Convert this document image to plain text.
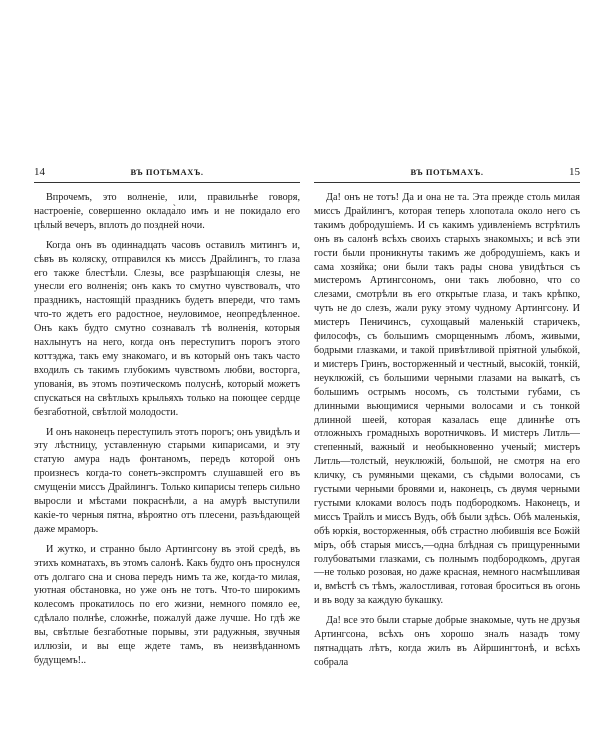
14	ВЪ ПОТЬМАХЪ.

Впрочемъ, это волненіе, или, правильнѣе говоря, настроеніе, совершенно оклада̀ло имъ и не покидало его цѣлый вечеръ, вплоть до поздней ночи.

Когда онъ въ одиннадцать часовъ оставилъ митингъ и, сѣвъ въ коляску, отправился къ миссъ Драйлингъ, то глаза его также блестѣли. Слезы, все разрѣшающія слезы, не унесли его волненія; онъ какъ то смутно чувствовалъ, что праздникъ, настоящій праздникъ будетъ впереди, что тамъ что-то ждетъ его радостное, неуловимое, неопредѣленное. Онъ какъ будто смутно сознавалъ тѣ волненія, которыя нахлынутъ на него, когда онъ переступитъ порогъ этого коттэджа, такъ ему знакомаго, и въ который онъ такъ часто входилъ съ такимъ глубокимъ чувствомъ любви, восторга, упованія, въ этомъ поэтическомъ полуснѣ, который можетъ спускаться на свѣтлыхъ крыльяхъ только на поющее сердце безгаботной, свѣтлой молодости.

И онъ наконецъ переступилъ этотъ порогъ; онъ увидѣлъ и эту лѣстницу, уставленную старыми кипарисами, и эту статую амура надъ фонтаномъ, передъ которой онъ произнесъ когда-то сонетъ-экспромтъ слушавшей его въ смущеніи миссъ Драйлингъ. Только кипарисы теперь сильно выросли и мѣстами покраснѣли, а на амурѣ выступили какіе-то черныя пятна, вѣроятно отъ плесени, разъѣдающей даже мраморъ.

И жутко, и странно было Артингсону въ этой средѣ, въ этихъ комнатахъ, въ этомъ салонѣ. Какъ будто онъ проснулся отъ долгаго сна и снова передъ нимъ та же, когда-то милая, уютная обстановка, но уже онъ не тотъ. Что-то широкимъ колесомъ прокатилось по его жизни, немного помяло ее, сдѣлало полнѣе, сложнѣе, пожалуй даже лучше. Но гдѣ же вы, свѣтлые безгаботные порывы, эти радужныя, звучныя иллюзіи, и вы еще ждете тамъ, въ неизвѣданномъ будущемъ!..

ВЪ ПОТЬМАХЪ.	15

Да! онъ не тотъ! Да и она не та. Эта прежде столь милая миссъ Драйлингъ, которая теперь хлопотала около него съ такимъ добродушіемъ. И съ какимъ удивленіемъ встрѣтилъ онъ въ салонѣ всѣхъ своихъ старыхъ знакомыхъ; и всѣ эти гости были проникнуты такимъ же добродушіемъ, какъ и сама хозяйка; они были такъ рады снова увидѣться съ мистеромъ Артингсономъ, они такъ любовно, что со слезами, смотрѣли въ его открытые глаза, и такъ крѣпко, чуть не до слезъ, жали руку этому чудному Артингсону. И мистеръ Пеничинсъ, сухощавый маленькій старичекъ, философъ, съ большимъ сморщеннымъ лбомъ, живыми, бодрыми глазками, и такой привѣтливой пріятной улыбкой, и мистеръ Гринъ, восторженный и честный, высокій, тонкій, неуклюжій, съ большими черными глазами на выкатѣ, съ большимъ острымъ носомъ, съ толстыми губами, съ длинными вьющимися черными волосами и съ тонкой длинной шеей, которая казалась еще длиннѣе отъ отложныхъ громадныхъ воротничковъ. И мистеръ Литль—степенный, важный и необыкновенно ученый; мистеръ Литль—толстый, неуклюжій, большой, не смотря на его кличку, съ румяными щеками, съ сѣдыми волосами, съ густыми черными бровями и, наконецъ, съ двумя черными густыми клоками волосъ подъ подбородкомъ. Наконецъ, и миссъ Трайлъ и миссъ Вудъ, обѣ были здѣсь. Обѣ маленькія, обѣ юркія, восторженныя, обѣ страстно любившія все Божій міръ, обѣ старыя миссъ,—одна блѣдная съ прищуренными голубоватыми глазками, съ полнымъ подбородкомъ, другая—не только розовая, но даже красная, немного насмѣшливая и, вмѣстѣ съ тѣмъ, жалостливая, готовая броситься въ огонь и въ воду за каждую букашку.

Да! все это были старые добрые знакомые, чуть не друзья Артингсона, всѣхъ онъ хорошо зналъ назадъ тому пятнадцать лѣтъ, когда жилъ въ Айршингтонѣ, и всѣхъ собрала
